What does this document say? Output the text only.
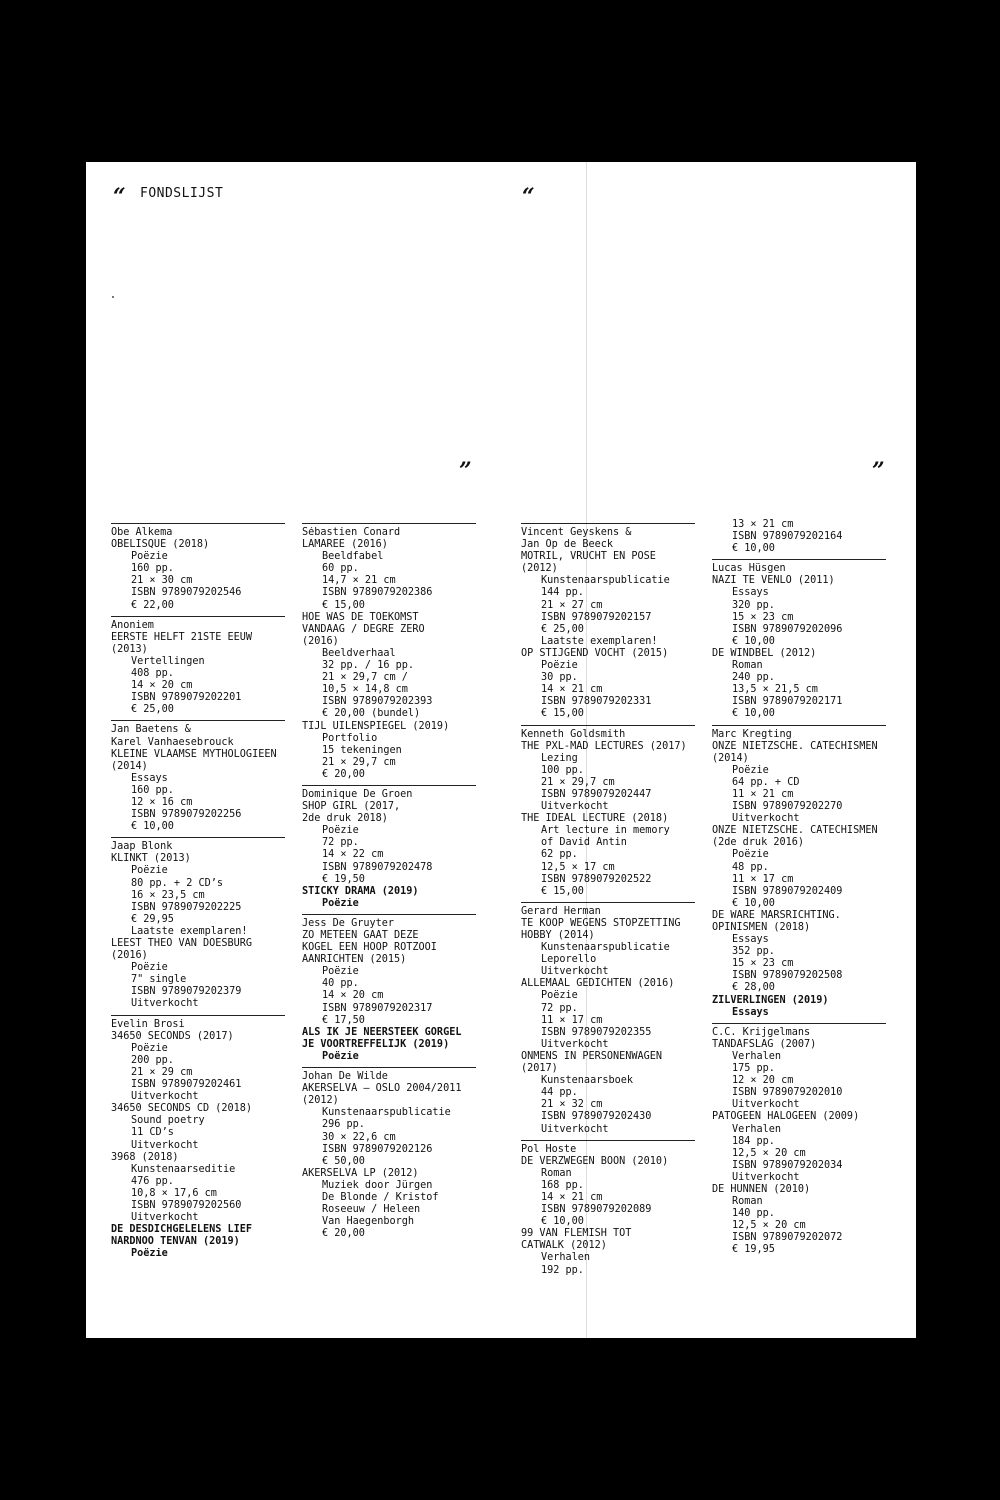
“ FONDSLIJST	“
”	”
Obe Alkema
OBELISQUE (2018)
Poëzie
160 pp.
21 × 30 cm
ISBN 9789079202546
€ 22,00
Anoniem
EERSTE HELFT 21STE EEUW
(2013)
Vertellingen
408 pp.
14 × 20 cm
ISBN 9789079202201
€ 25,00
Jan Baetens &
Karel Vanhaesebrouck
KLEINE VLAAMSE MYTHOLOGIEËN
(2014)
Essays
160 pp.
12 × 16 cm
ISBN 9789079202256
€ 10,00
Jaap Blonk
KLINKT (2013)
Poëzie
80 pp. + 2 CD’s
16 × 23,5 cm
ISBN 9789079202225
€ 29,95
Laatste exemplaren!
LEEST THEO VAN DOESBURG
(2016)
Poëzie
7" single
ISBN 9789079202379
Uitverkocht
Evelin Brosi
34650 SECONDS (2017)
Poëzie
200 pp.
21 × 29 cm
ISBN 9789079202461
Uitverkocht
34650 SECONDS CD (2018)
Sound poetry
11 CD’s
Uitverkocht
3968 (2018)
Kunstenaarseditie
476 pp.
10,8 × 17,6 cm
ISBN 9789079202560
Uitverkocht
DE DESDICHGELELENS LIEF
NARDNOO TENVAN (2019)
Poëzie
Sébastien Conard
LAMAREE (2016)
Beeldfabel
60 pp.
14,7 × 21 cm
ISBN 9789079202386
€ 15,00
HOE WAS DE TOEKOMST
VANDAAG / DEGRÉ ZÉRO
(2016)
Beeldverhaal
32 pp. / 16 pp.
21 × 29,7 cm /
10,5 × 14,8 cm
ISBN 9789079202393
€ 20,00 (bundel)
TIJL UILENSPIEGEL (2019)
Portfolio
15 tekeningen
21 × 29,7 cm
€ 20,00
Dominique De Groen
SHOP GIRL (2017,
2de druk 2018)
Poëzie
72 pp.
14 × 22 cm
ISBN 9789079202478
€ 19,50
STICKY DRAMA (2019)
Poëzie
Jess De Gruyter
ZO METEEN GAAT DEZE
KOGEL EEN HOOP ROTZOOI
AANRICHTEN (2015)
Poëzie
40 pp.
14 × 20 cm
ISBN 9789079202317
€ 17,50
ALS IK JE NEERSTEEK GORGEL
JE VOORTREFFELIJK (2019)
Poëzie
Johan De Wilde
AKERSELVA – OSLO 2004/2011
(2012)
Kunstenaarspublicatie
296 pp.
30 × 22,6 cm
ISBN 9789079202126
€ 50,00
AKERSELVA LP (2012)
Muziek door Jürgen
De Blonde / Kristof
Roseeuw / Heleen
Van Haegenborgh
€ 20,00
Vincent Geyskens &
Jan Op de Beeck
MOTRIL, VRUCHT EN POSE
(2012)
Kunstenaarspublicatie
144 pp.
21 × 27 cm
ISBN 9789079202157
€ 25,00
Laatste exemplaren!
OP STIJGEND VOCHT (2015)
Poëzie
30 pp.
14 × 21 cm
ISBN 9789079202331
€ 15,00
Kenneth Goldsmith
THE PXL-MAD LECTURES (2017)
Lezing
100 pp.
21 × 29,7 cm
ISBN 9789079202447
Uitverkocht
THE IDEAL LECTURE (2018)
Art lecture in memory
of David Antin
62 pp.
12,5 × 17 cm
ISBN 9789079202522
€ 15,00
Gerard Herman
TE KOOP WEGENS STOPZETTING
HOBBY (2014)
Kunstenaarspublicatie
Leporello
Uitverkocht
ALLEMAAL GEDICHTEN (2016)
Poëzie
72 pp.
11 × 17 cm
ISBN 9789079202355
Uitverkocht
ONMENS IN PERSONENWAGEN
(2017)
Kunstenaarsboek
44 pp.
21 × 32 cm
ISBN 9789079202430
Uitverkocht
Pol Hoste
DE VERZWEGEN BOON (2010)
Roman
168 pp.
14 × 21 cm
ISBN 9789079202089
€ 10,00
99 VAN FLEMISH TOT
CATWALK (2012)
Verhalen
192 pp.
13 × 21 cm
ISBN 9789079202164
€ 10,00
Lucas Hüsgen
NAZI TE VENLO (2011)
Essays
320 pp.
15 × 23 cm
ISBN 9789079202096
€ 10,00
DE WINDBEL (2012)
Roman
240 pp.
13,5 × 21,5 cm
ISBN 9789079202171
€ 10,00
Marc Kregting
ONZE NIETZSCHE. CATECHISMEN
(2014)
Poëzie
64 pp. + CD
11 × 21 cm
ISBN 9789079202270
Uitverkocht
ONZE NIETZSCHE. CATECHISMEN
(2de druk 2016)
Poëzie
48 pp.
11 × 17 cm
ISBN 9789079202409
€ 10,00
DE WARE MARSRICHTING.
OPINISMEN (2018)
Essays
352 pp.
15 × 23 cm
ISBN 9789079202508
€ 28,00
ZILVERLINGEN (2019)
Essays
C.C. Krijgelmans
TANDAFSLAG (2007)
Verhalen
175 pp.
12 × 20 cm
ISBN 9789079202010
Uitverkocht
PATOGEEN HALOGEEN (2009)
Verhalen
184 pp.
12,5 × 20 cm
ISBN 9789079202034
Uitverkocht
DE HUNNEN (2010)
Roman
140 pp.
12,5 × 20 cm
ISBN 9789079202072
€ 19,95
